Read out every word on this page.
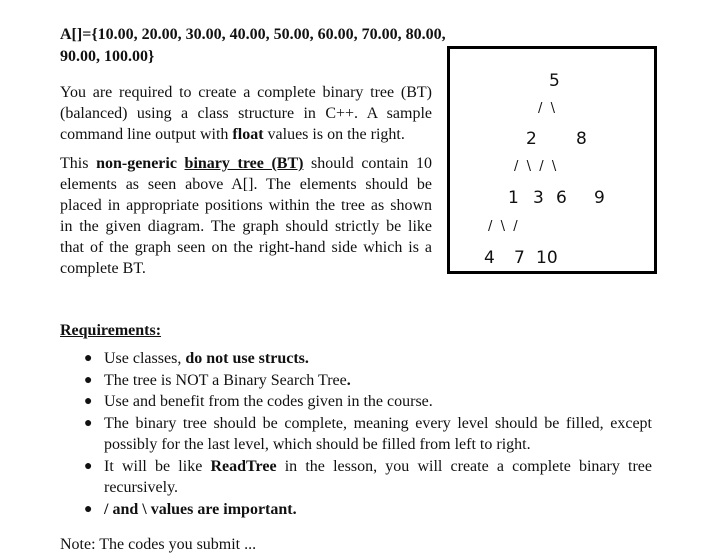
A[]={10.00, 20.00, 30.00, 40.00, 50.00, 60.00, 70.00, 80.00, 90.00, 100.00}
You are required to create a complete binary tree (BT) (balanced) using a class structure in C++. A sample command line output with float values is on the right.
This non-generic binary tree (BT) should contain 10 elements as seen above A[]. The elements should be placed in appropriate positions within the tree as shown in the given diagram. The graph should strictly be like that of the graph seen on the right-hand side which is a complete BT.
5
/  \
2 8
/  \  /  \
1 3 6 9
/  \  /
4 7 10
Requirements:
● Use classes, do not use structs.
● The tree is NOT a Binary Search Tree.
● Use and benefit from the codes given in the course.
● The binary tree should be complete, meaning every level should be filled, except possibly for the last level, which should be filled from left to right.
● It will be like ReadTree in the lesson, you will create a complete binary tree recursively.
● / and \ values are important.
Note: The codes you submit ...
